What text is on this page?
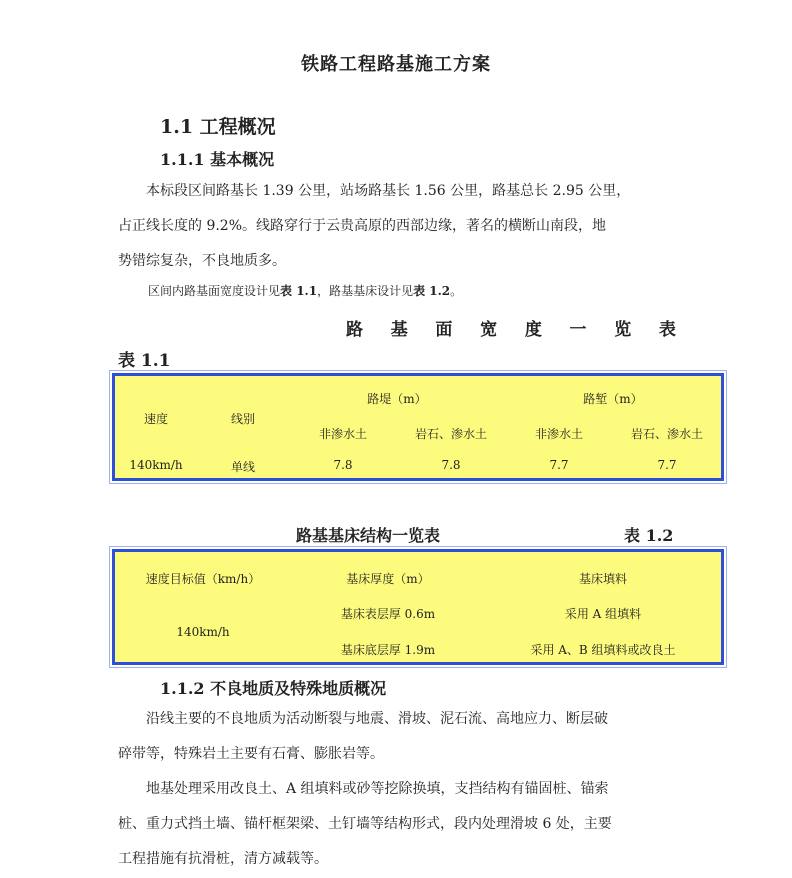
铁路工程路基施工方案
1.1 工程概况
1.1.1 基本概况
本标段区间路基长 1.39 公里，站场路基长 1.56 公里，路基总长 2.95 公里，
占正线长度的 9.2%。线路穿行于云贵高原的西部边缘，著名的横断山南段，地
势错综复杂，不良地质多。
区间内路基面宽度设计见表 1.1，路基基床设计见表 1.2。
路 基 面 宽 度 一 览 表
表 1.1
速度	线别
路堤（m）	路堑（m）
非渗水土	岩石、渗水土	非渗水土	岩石、渗水土
140km/h	单线	7.8	7.8	7.7	7.7
路基基床结构一览表	表 1.2
速度目标值（km/h）	基床厚度（m）	基床填料
140km/h
基床表层厚 0.6m	采用 A 组填料
基床底层厚 1.9m	采用 A、B 组填料或改良土
1.1.2 不良地质及特殊地质概况
沿线主要的不良地质为活动断裂与地震、滑坡、泥石流、高地应力、断层破
碎带等，特殊岩土主要有石膏、膨胀岩等。
地基处理采用改良土、A 组填料或砂等挖除换填，支挡结构有锚固桩、锚索
桩、重力式挡土墙、锚杆框架梁、土钉墙等结构形式，段内处理滑坡 6 处，主要
工程措施有抗滑桩，清方减载等。
